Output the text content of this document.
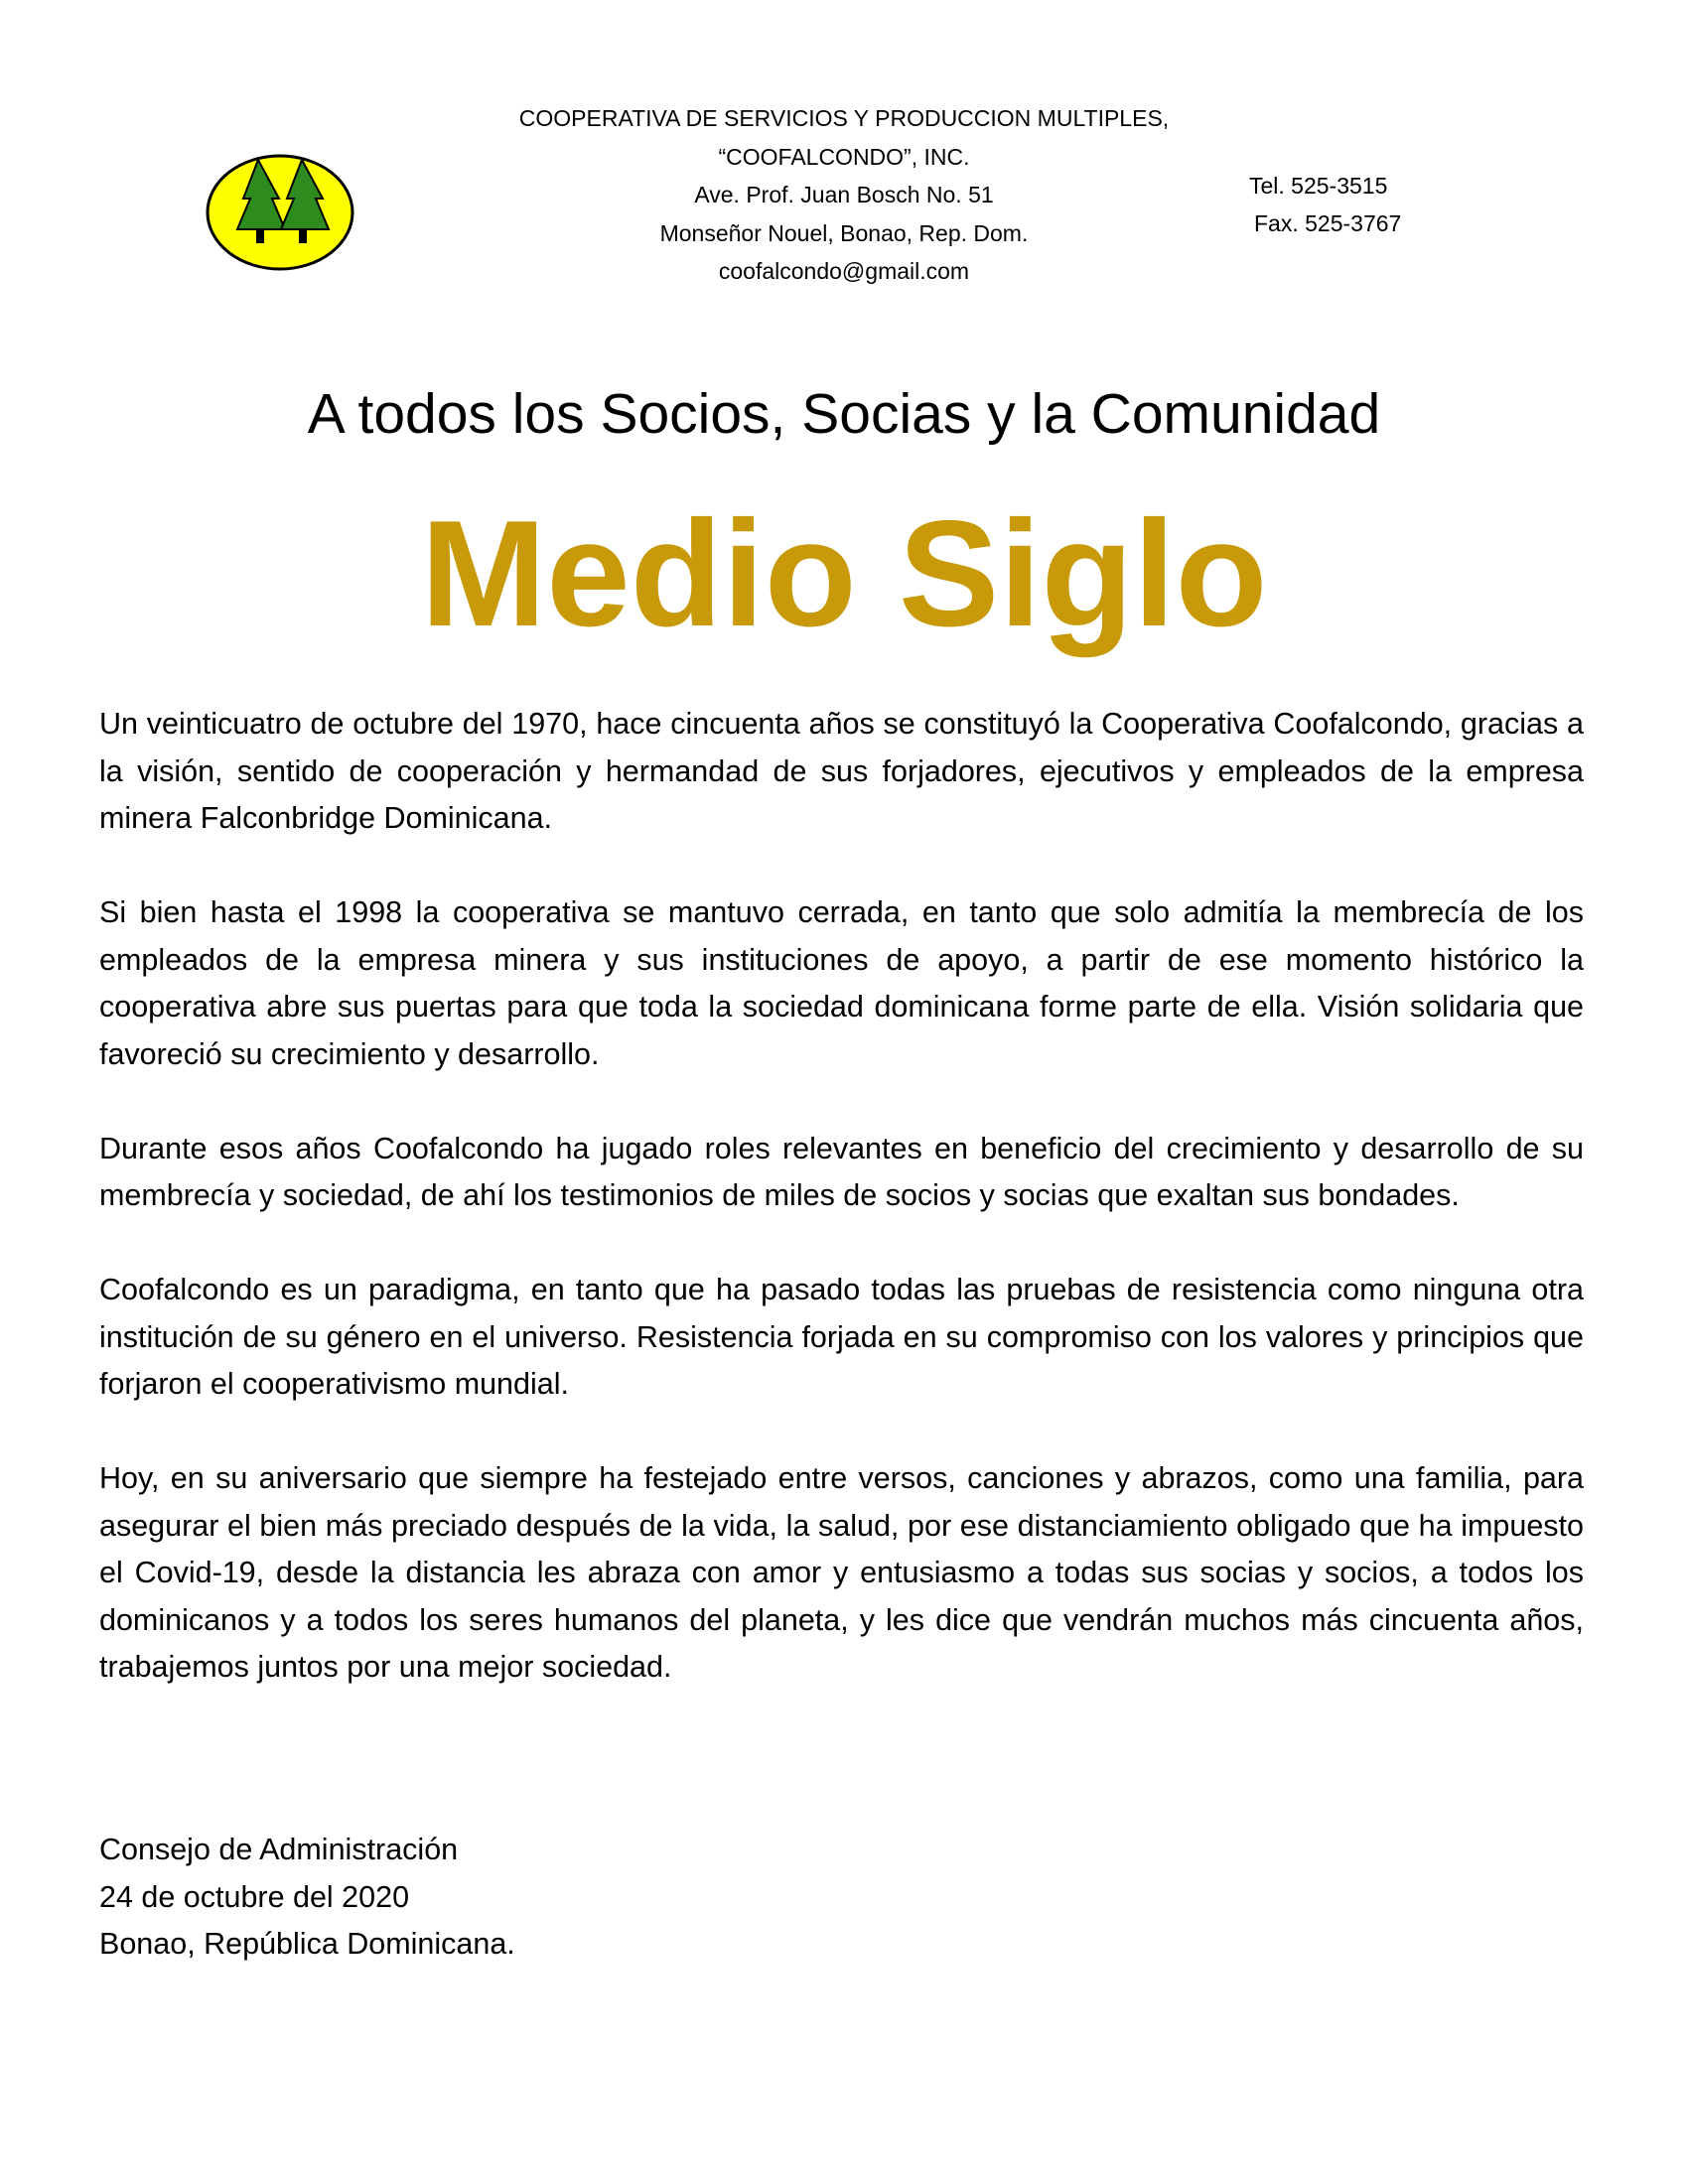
COOPERATIVA DE SERVICIOS Y PRODUCCION MULTIPLES,
“COOFALCONDO”, INC.
Ave. Prof. Juan Bosch No. 51
Monseñor Nouel, Bonao, Rep. Dom.
coofalcondo@gmail.com
Tel. 525-3515
Fax. 525-3767
A todos los Socios, Socias y la Comunidad
Medio Siglo

Un veinticuatro de octubre del 1970, hace cincuenta años se constituyó la Cooperativa Coofalcondo, gracias a la visión, sentido de cooperación y hermandad de sus forjadores, ejecutivos y empleados de la empresa minera Falconbridge Dominicana.

Si bien hasta el 1998 la cooperativa se mantuvo cerrada, en tanto que solo admitía la membrecía de los empleados de la empresa minera y sus instituciones de apoyo, a partir de ese momento histórico la cooperativa abre sus puertas para que toda la sociedad dominicana forme parte de ella. Visión solidaria que favoreció su crecimiento y desarrollo.

Durante esos años Coofalcondo ha jugado roles relevantes en beneficio del crecimiento y desarrollo de su membrecía y sociedad, de ahí los testimonios de miles de socios y socias que exaltan sus bondades.

Coofalcondo es un paradigma, en tanto que ha pasado todas las pruebas de resistencia como ninguna otra institución de su género en el universo. Resistencia forjada en su compromiso con los valores y principios que forjaron el cooperativismo mundial.

Hoy, en su aniversario que siempre ha festejado entre versos, canciones y abrazos, como una familia, para asegurar el bien más preciado después de la vida, la salud, por ese distanciamiento obligado que ha impuesto el Covid-19, desde la distancia les abraza con amor y entusiasmo a todas sus socias y socios, a todos los dominicanos y a todos los seres humanos del planeta, y les dice que vendrán muchos más cincuenta años, trabajemos juntos por una mejor sociedad.

Consejo de Administración
24 de octubre del 2020
Bonao, República Dominicana.
